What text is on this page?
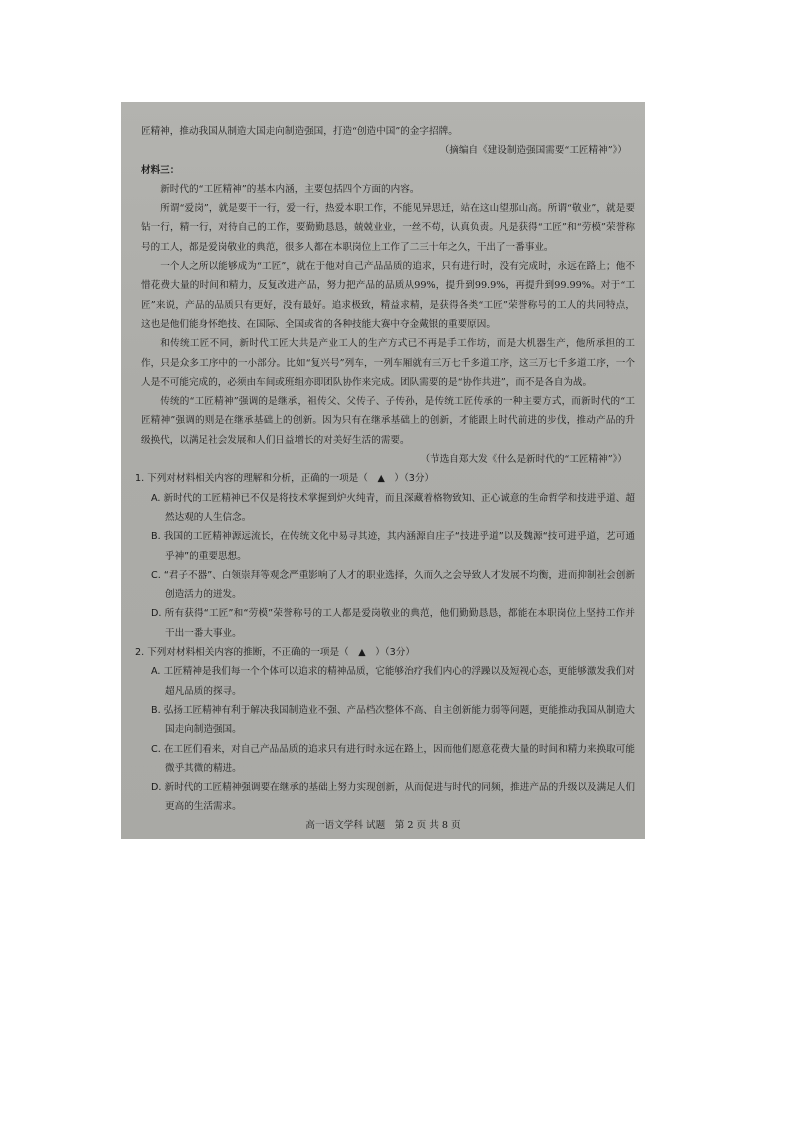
匠精神，推动我国从制造大国走向制造强国，打造“创造中国”的金字招牌。

（摘编自《建设制造强国需要“工匠精神”》）

材料三：

新时代的“工匠精神”的基本内涵，主要包括四个方面的内容。

所谓“爱岗”，就是要干一行，爱一行，热爱本职工作，不能见异思迁，站在这山望那山高。所谓“敬业”，就是要钻一行，精一行，对待自己的工作，要勤勤恳恳，兢兢业业，一丝不苟，认真负责。凡是获得“工匠”和“劳模”荣誉称号的工人，都是爱岗敬业的典范，很多人都在本职岗位上工作了二三十年之久，干出了一番事业。

一个人之所以能够成为“工匠”，就在于他对自己产品品质的追求，只有进行时，没有完成时，永远在路上；他不惜花费大量的时间和精力，反复改进产品，努力把产品的品质从99%，提升到99.9%，再提升到99.99%。对于“工匠”来说，产品的品质只有更好，没有最好。追求极致，精益求精，是获得各类“工匠”荣誉称号的工人的共同特点，这也是他们能身怀绝技、在国际、全国或省的各种技能大赛中夺金戴银的重要原因。

和传统工匠不同，新时代工匠大共是产业工人的生产方式已不再是手工作坊，而是大机器生产，他所承担的工作，只是众多工序中的一小部分。比如“复兴号”列车，一列车厢就有三万七千多道工序，这三万七千多道工序，一个人是不可能完成的，必须由车间或班组亦即团队协作来完成。团队需要的是“协作共进”，而不是各自为战。

传统的“工匠精神”强调的是继承，祖传父、父传子、子传孙，是传统工匠传承的一种主要方式，而新时代的“工匠精神”强调的则是在继承基础上的创新。因为只有在继承基础上的创新，才能跟上时代前进的步伐，推动产品的升级换代，以满足社会发展和人们日益增长的对美好生活的需要。

（节选自郑大发《什么是新时代的“工匠精神”》）

1. 下列对材料相关内容的理解和分析，正确的一项是（　▲　）（3分）

A. 新时代的工匠精神已不仅是将技术掌握到炉火纯青，而且深藏着格物致知、正心诚意的生命哲学和技进乎道、超然达观的人生信念。

B. 我国的工匠精神源远流长，在传统文化中易寻其迹，其内涵源自庄子“技进乎道”以及魏源“技可进乎道，艺可通乎神”的重要思想。

C. “君子不器”、白领崇拜等观念严重影响了人才的职业选择，久而久之会导致人才发展不均衡，进而抑制社会创新创造活力的迸发。

D. 所有获得“工匠”和“劳模”荣誉称号的工人都是爱岗敬业的典范，他们勤勤恳恳，都能在本职岗位上坚持工作并干出一番大事业。

2. 下列对材料相关内容的推断，不正确的一项是（　▲　）（3分）

A. 工匠精神是我们每一个个体可以追求的精神品质，它能够治疗我们内心的浮躁以及短视心态，更能够激发我们对超凡品质的探寻。

B. 弘扬工匠精神有利于解决我国制造业不强、产品档次整体不高、自主创新能力弱等问题，更能推动我国从制造大国走向制造强国。

C. 在工匠们看来，对自己产品品质的追求只有进行时永远在路上，因而他们愿意花费大量的时间和精力来换取可能微乎其微的精进。

D. 新时代的工匠精神强调要在继承的基础上努力实现创新，从而促进与时代的同频，推进产品的升级以及满足人们更高的生活需求。

高一语文学科 试题　第 2 页 共 8 页
